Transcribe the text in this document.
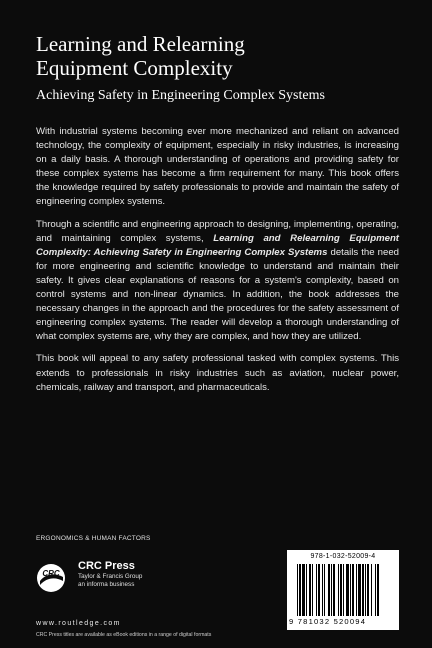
Learning and Relearning
Equipment Complexity
Achieving Safety in Engineering Complex Systems

With industrial systems becoming ever more mechanized and reliant on advanced technology, the complexity of equipment, especially in risky industries, is increasing on a daily basis. A thorough understanding of operations and providing safety for these complex systems has become a firm requirement for many. This book offers the knowledge required by safety professionals to provide and maintain the safety of engineering complex systems.

Through a scientific and engineering approach to designing, implementing, operating, and maintaining complex systems, Learning and Relearning Equipment Complexity: Achieving Safety in Engineering Complex Systems details the need for more engineering and scientific knowledge to understand and maintain their safety. It gives clear explanations of reasons for a system's complexity, based on control systems and non-linear dynamics. In addition, the book addresses the necessary changes in the approach and the procedures for the safety assessment of engineering complex systems. The reader will develop a thorough understanding of what complex systems are, why they are complex, and how they are utilized.

This book will appeal to any safety professional tasked with complex systems. This extends to professionals in risky industries such as aviation, nuclear power, chemicals, railway and transport, and pharmaceuticals.

ERGONOMICS & HUMAN FACTORS
CRC
CRC Press
Taylor & Francis Group
an informa business
www.routledge.com
CRC Press titles are available as eBook editions in a range of digital formats
978-1-032-52009-4
9 781032 520094
